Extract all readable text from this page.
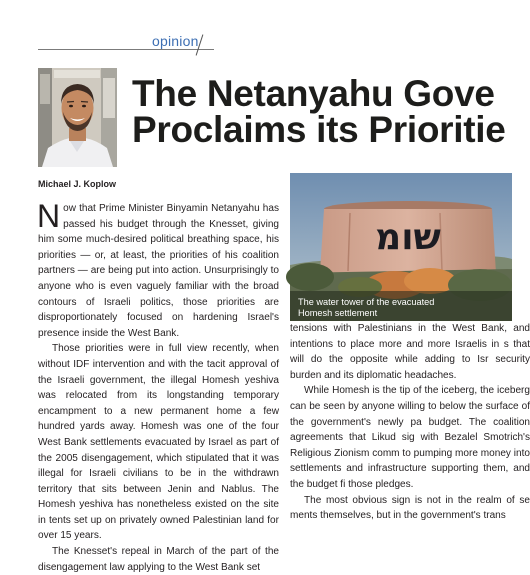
opinion
The Netanyahu Gove
Proclaims its Prioritie
Michael J. Koplow

Now that Prime Minister Binyamin Netanyahu has passed his budget through the Knesset, giving him some much-desired political breathing space, his priorities — or, at least, the priorities of his coalition partners — are being put into action. Unsurprisingly to anyone who is even vaguely familiar with the broad contours of Israeli politics, those priorities are disproportionately focused on hardening Israel's presence inside the West Bank.

Those priorities were in full view recently, when without IDF intervention and with the tacit approval of the Israeli government, the illegal Homesh yeshiva was relocated from its longstanding temporary encampment to a new permanent home a few hundred yards away. Homesh was one of the four West Bank settlements evacuated by Israel as part of the 2005 disengagement, which stipulated that it was illegal for Israeli civilians to be in the withdrawn territory that sits between Jenin and Nablus. The Homesh yeshiva has nonetheless existed on the site in tents set up on privately owned Palestinian land for over 15 years.

The Knesset's repeal in March of the part of the disengagement law applying to the West Bank set

שומ
The water tower of the evacuated
Homesh settlement

tensions with Palestinians in the West Bank, and intentions to place more and more Israelis in s that will do the opposite while adding to Isr security burden and its diplomatic headaches.

While Homesh is the tip of the iceberg, the iceberg can be seen by anyone willing to below the surface of the government's newly pa budget. The coalition agreements that Likud sig with Bezalel Smotrich's Religious Zionism comm to pumping more money into settlements and infrastructure supporting them, and the budget fi those pledges.

The most obvious sign is not in the realm of se ments themselves, but in the government's trans
